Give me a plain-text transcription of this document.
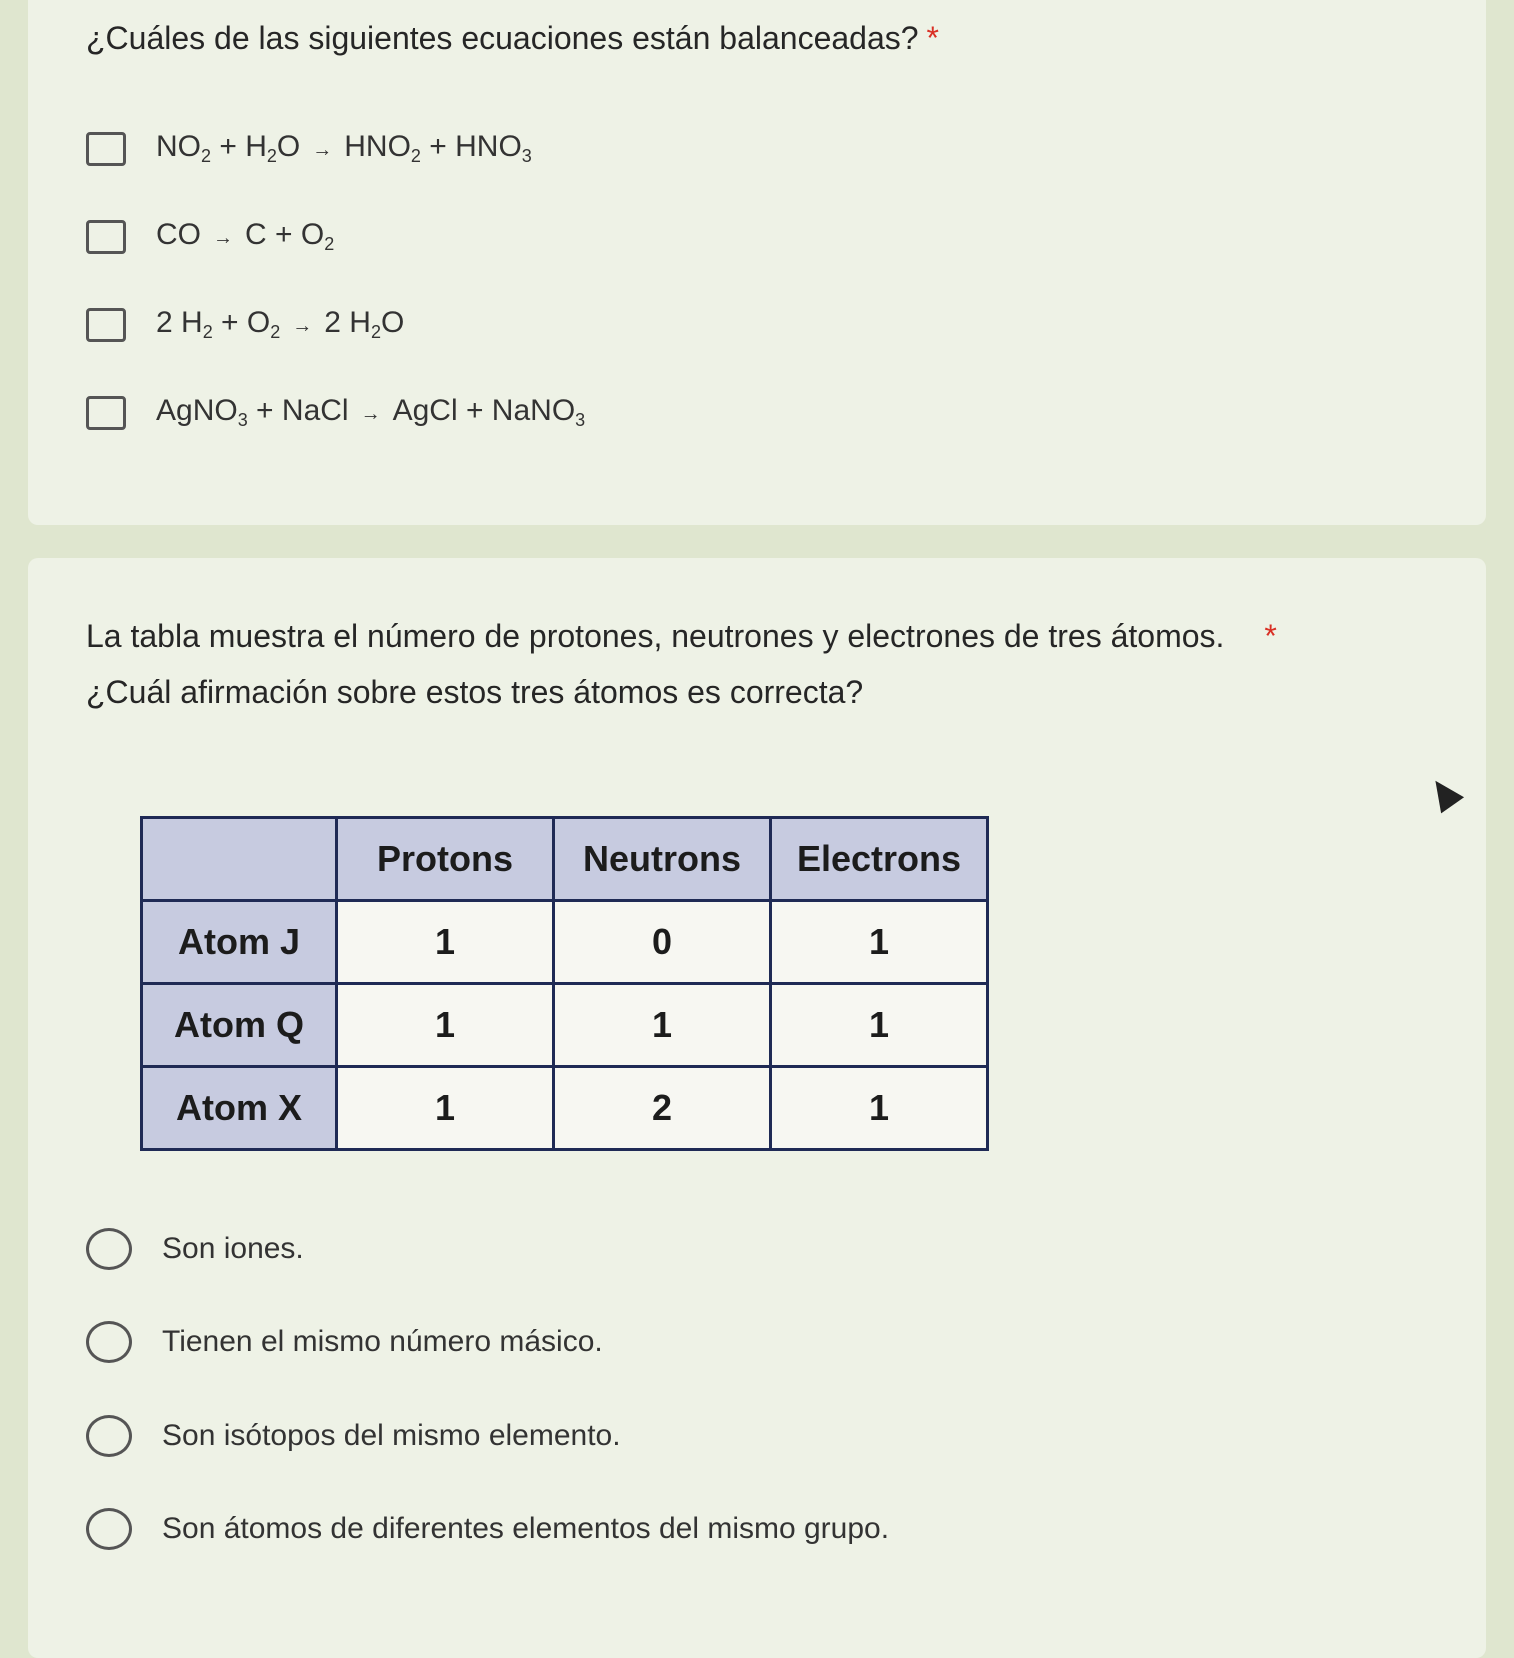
¿Cuáles de las siguientes ecuaciones están balanceadas? *
$NO_2 + H_2O \to HNO_2 + HNO_3$
CO → $C + O_2$
2 $H_2 + O_2 \to 2$ $H_2O$
AgNO$_3$ + NaCl → AgCl + NaNO$_3$
La tabla muestra el número de protones, neutrones y electrones de tres átomos. *
¿Cuál afirmación sobre estos tres átomos es correcta?
	Protons	Neutrons	Electrons
Atom J	1	0	1
Atom Q	1	1	1
Atom X	1	2	1
Son iones.
Tienen el mismo número másico.
Son isótopos del mismo elemento.
Son átomos de diferentes elementos del mismo grupo.
